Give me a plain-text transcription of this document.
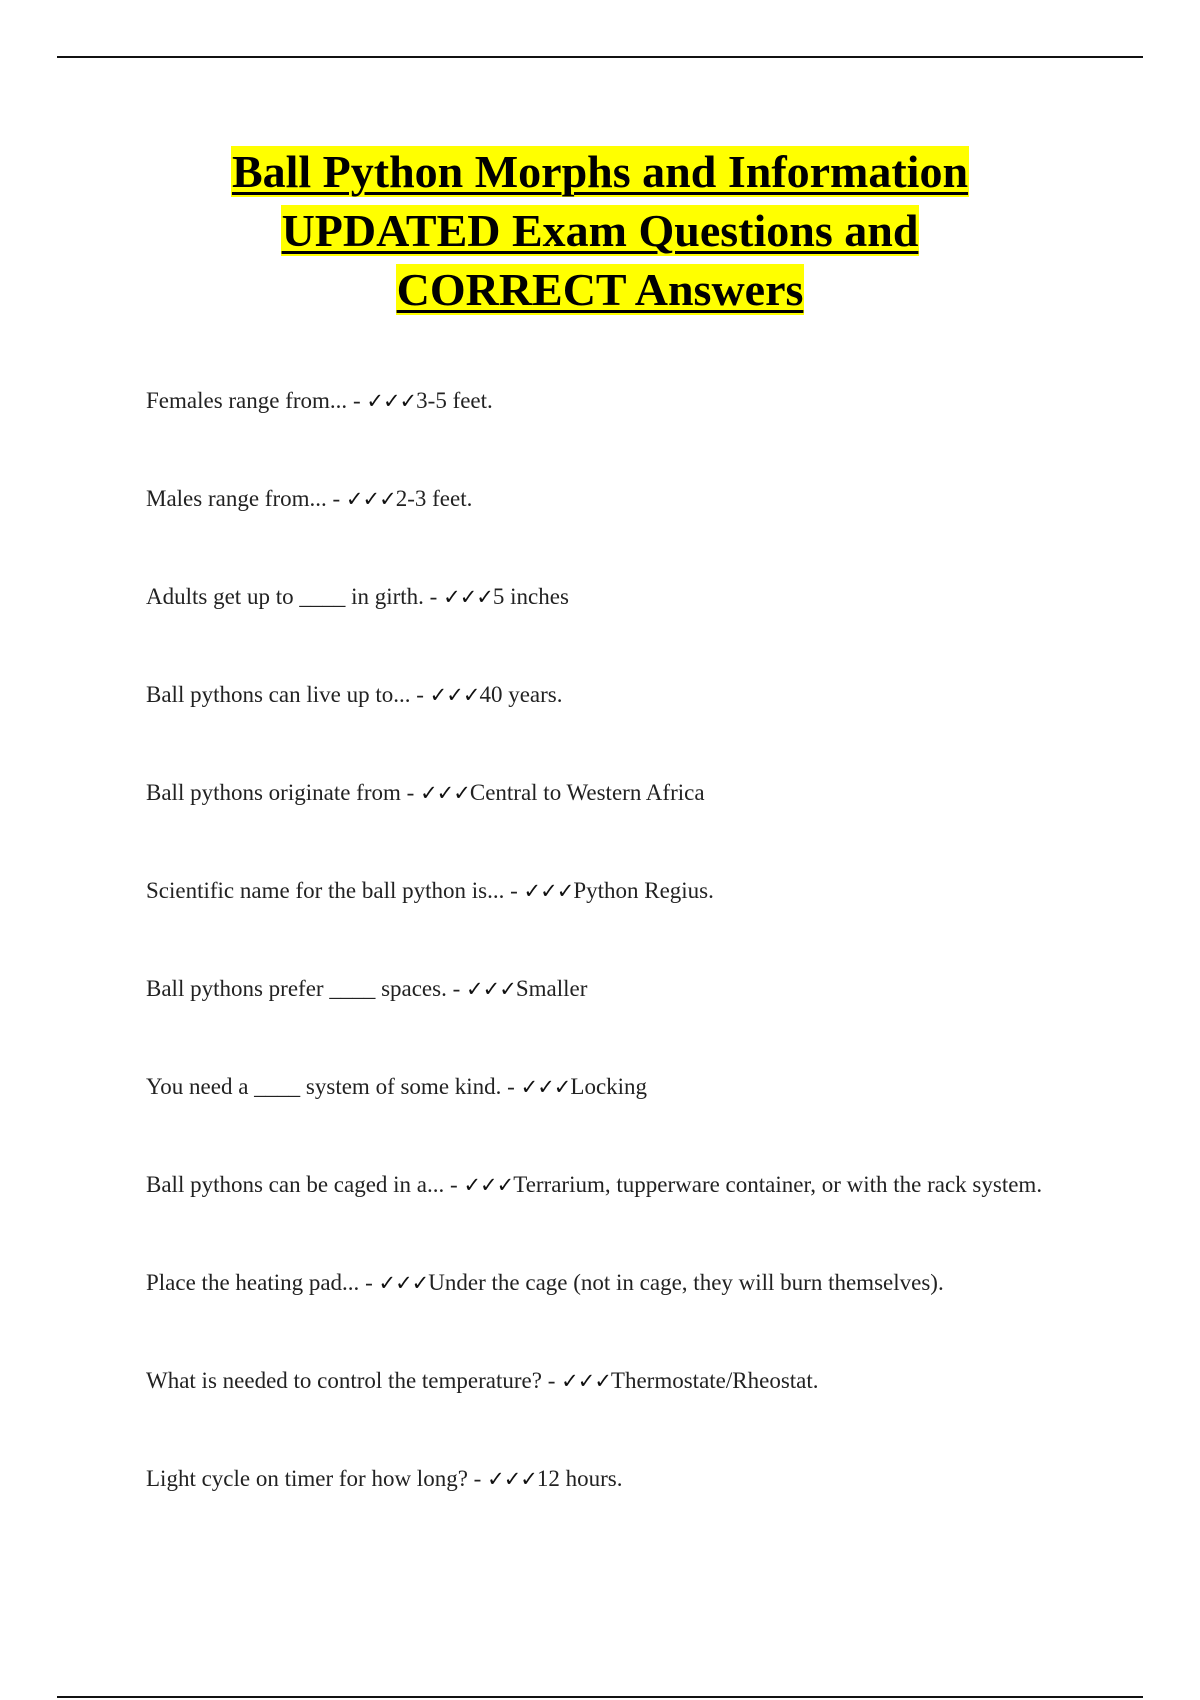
Ball Python Morphs and Information
UPDATED Exam Questions and
CORRECT Answers
Females range from... - ✓✓✓3-5 feet.
Males range from... - ✓✓✓2-3 feet.
Adults get up to ____ in girth. - ✓✓✓5 inches
Ball pythons can live up to... - ✓✓✓40 years.
Ball pythons originate from - ✓✓✓Central to Western Africa
Scientific name for the ball python is... - ✓✓✓Python Regius.
Ball pythons prefer ____ spaces. - ✓✓✓Smaller
You need a ____ system of some kind. - ✓✓✓Locking
Ball pythons can be caged in a... - ✓✓✓Terrarium, tupperware container, or with the rack system.
Place the heating pad... - ✓✓✓Under the cage (not in cage, they will burn themselves).
What is needed to control the temperature? - ✓✓✓Thermostate/Rheostat.
Light cycle on timer for how long? - ✓✓✓12 hours.
